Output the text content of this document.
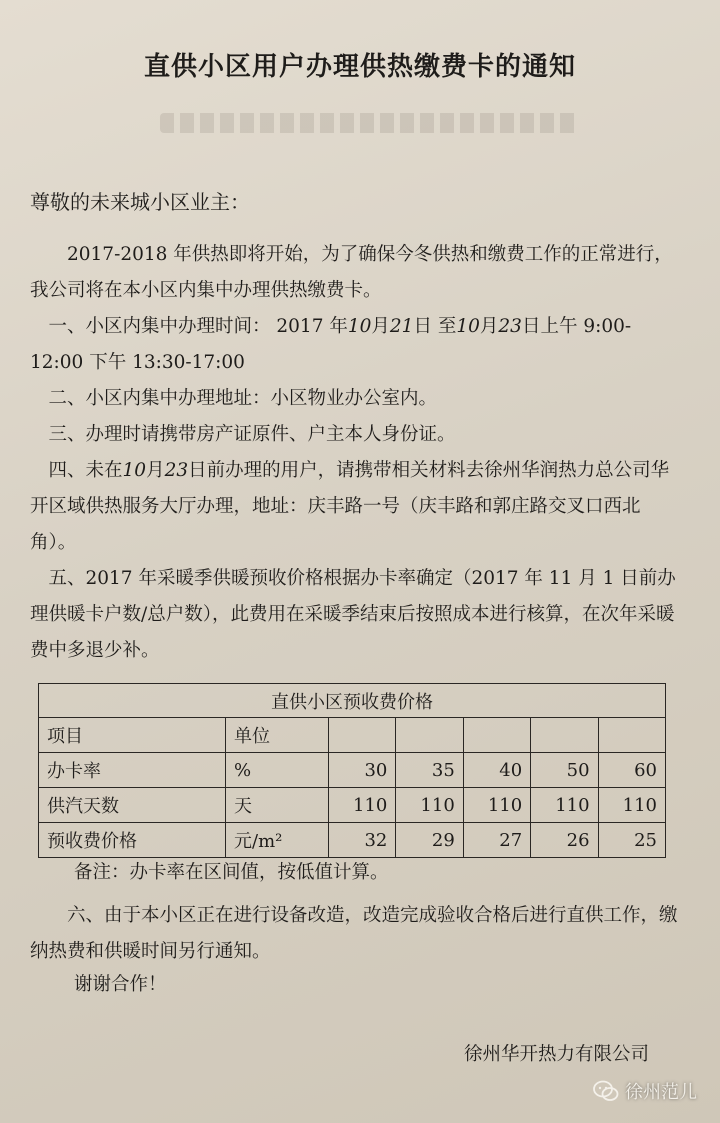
直供小区用户办理供热缴费卡的通知
尊敬的未来城小区业主：
　　2017-2018 年供热即将开始，为了确保今冬供热和缴费工作的正常进行，我公司将在本小区内集中办理供热缴费卡。
　一、小区内集中办理时间： 2017 年10月21日 至10月23日上午 9:00-12:00 下午 13:30-17:00
　二、小区内集中办理地址：小区物业办公室内。
　三、办理时请携带房产证原件、户主本人身份证。
　四、未在10月23日前办理的用户，请携带相关材料去徐州华润热力总公司华开区域供热服务大厅办理，地址：庆丰路一号（庆丰路和郭庄路交叉口西北角）。
　五、2017 年采暖季供暖预收价格根据办卡率确定（2017 年 11 月 1 日前办理供暖卡户数/总户数），此费用在采暖季结束后按照成本进行核算，在次年采暖费中多退少补。
直供小区预收费价格						
项目	单位					
办卡率	%	30	35	40	50	60
供汽天数	天	110	110	110	110	110
预收费价格	元/m²	32	29	27	26	25
备注：办卡率在区间值，按低值计算。
　　六、由于本小区正在进行设备改造，改造完成验收合格后进行直供工作，缴纳热费和供暖时间另行通知。
谢谢合作！
徐州华开热力有限公司
徐州范儿
